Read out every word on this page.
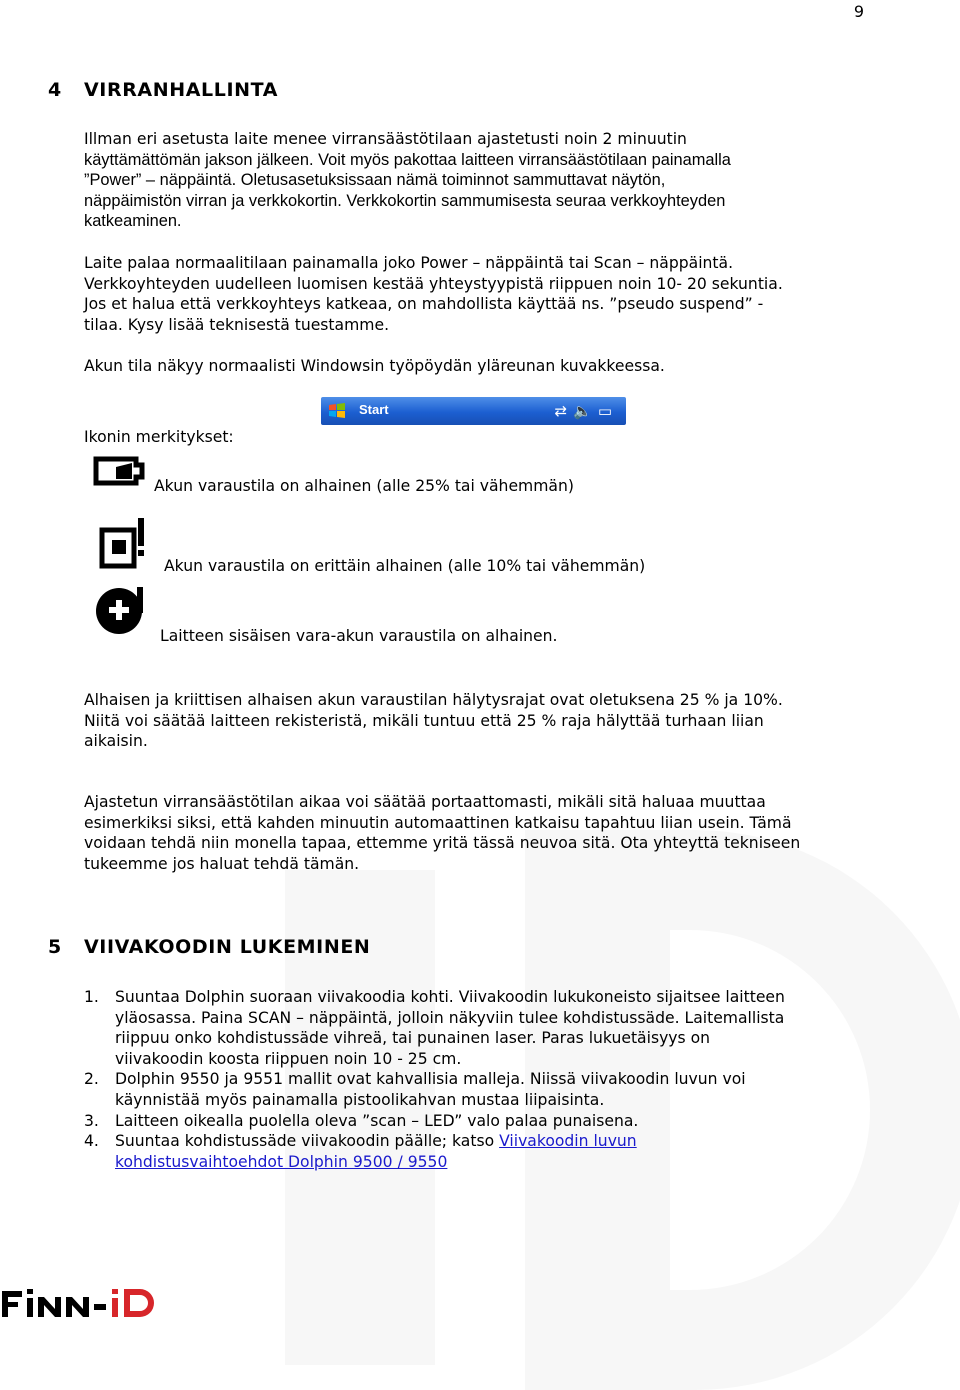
9
4 VIRRANHALLINTA
Illman eri asetusta laite menee virransäästötilaan ajastetusti noin 2 minuutin
käyttämättömän jakson jälkeen. Voit myös pakottaa laitteen virransäästötilaan painamalla
”Power” – näppäintä. Oletusasetuksissaan nämä toiminnot sammuttavat näytön,
näppäimistön virran ja verkkokortin. Verkkokortin sammumisesta seuraa verkkoyhteyden
katkeaminen.
Laite palaa normaalitilaan painamalla joko Power – näppäintä tai Scan – näppäintä.
Verkkoyhteyden uudelleen luomisen kestää yhteystyypistä riippuen noin 10- 20 sekuntia.
Jos et halua että verkkoyhteys katkeaa, on mahdollista käyttää ns. ”pseudo suspend” -
tilaa. Kysy lisää teknisestä tuestamme.
Akun tila näkyy normaalisti Windowsin työpöydän yläreunan kuvakkeessa.
Start	⇄🔈▭
Ikonin merkitykset:
Akun varaustila on alhainen (alle 25% tai vähemmän)
Akun varaustila on erittäin alhainen (alle 10% tai vähemmän)
Laitteen sisäisen vara-akun varaustila on alhainen.
Alhaisen ja kriittisen alhaisen akun varaustilan hälytysrajat ovat oletuksena 25 % ja 10%.
Niitä voi säätää laitteen rekisteristä, mikäli tuntuu että 25 % raja hälyttää turhaan liian
aikaisin.
Ajastetun virransäästötilan aikaa voi säätää portaattomasti, mikäli sitä haluaa muuttaa
esimerkiksi siksi, että kahden minuutin automaattinen katkaisu tapahtuu liian usein. Tämä
voidaan tehdä niin monella tapaa, ettemme yritä tässä neuvoa sitä. Ota yhteyttä tekniseen
tukeemme jos haluat tehdä tämän.
5 VIIVAKOODIN LUKEMINEN
1. Suuntaa Dolphin suoraan viivakoodia kohti. Viivakoodin lukukoneisto sijaitsee laitteen
yläosassa. Paina SCAN – näppäintä, jolloin näkyviin tulee kohdistussäde. Laitemallista
riippuu onko kohdistussäde vihreä, tai punainen laser. Paras lukuetäisyys on
viivakoodin koosta riippuen noin 10 - 25 cm.
2. Dolphin 9550 ja 9551 mallit ovat kahvallisia malleja. Niissä viivakoodin luvun voi
käynnistää myös painamalla pistoolikahvan mustaa liipaisinta.
3. Laitteen oikealla puolella oleva ”scan – LED” valo palaa punaisena.
4. Suuntaa kohdistussäde viivakoodin päälle; katso Viivakoodin luvun
kohdistusvaihtoehdot Dolphin 9500 / 9550
